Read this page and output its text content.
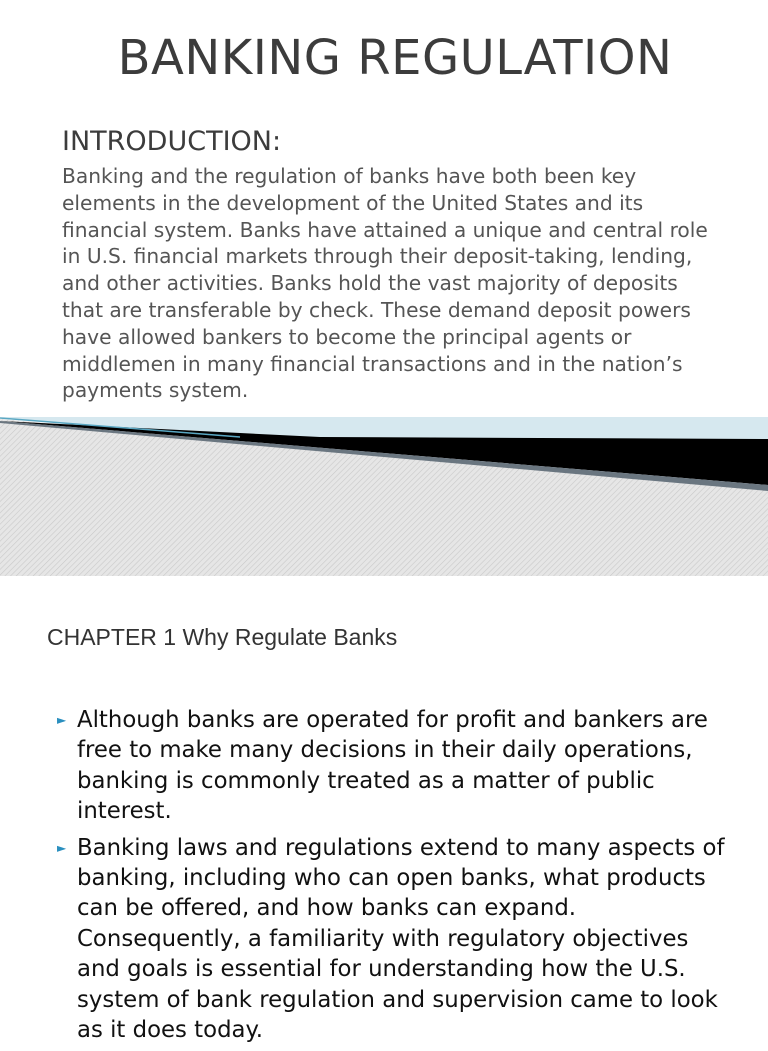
BANKING REGULATION
INTRODUCTION:

Banking and the regulation of banks have both been key elements in the development of the United States and its financial system. Banks have attained a unique and central role in U.S. financial markets through their deposit-taking, lending, and other activities. Banks hold the vast majority of deposits that are transferable by check. These demand deposit powers have allowed bankers to become the principal agents or middlemen in many financial transactions and in the nation’s payments system.

CHAPTER 1 Why Regulate Banks
► Although banks are operated for profit and bankers are free to make many decisions in their daily operations, banking is commonly treated as a matter of public interest.
► Banking laws and regulations extend to many aspects of banking, including who can open banks, what products can be offered, and how banks can expand. Consequently, a familiarity with regulatory objectives and goals is essential for understanding how the U.S. system of bank regulation and supervision came to look as it does today.
